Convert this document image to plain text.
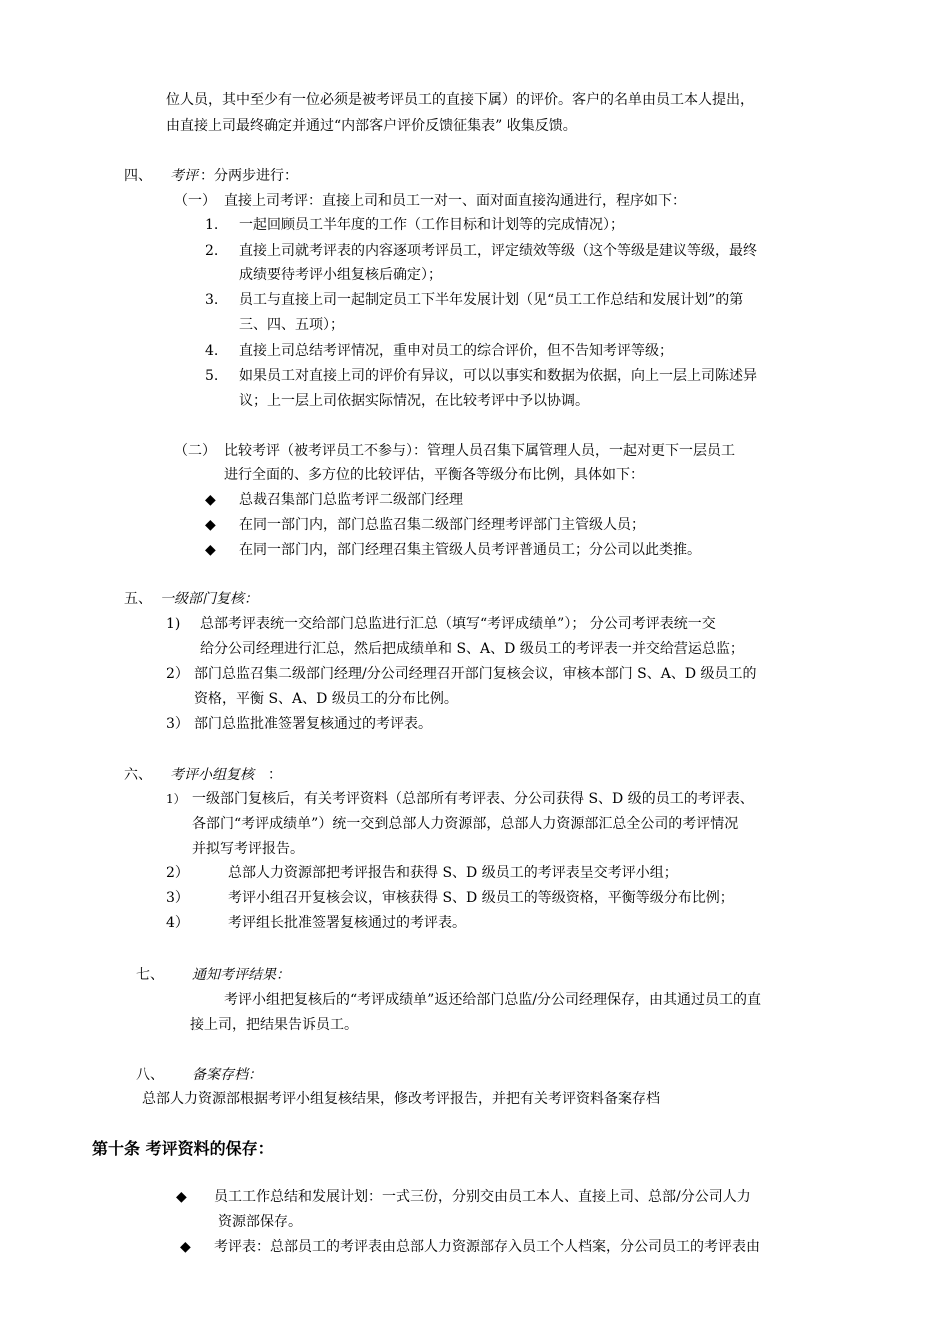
位人员，其中至少有一位必须是被考评员工的直接下属）的评价。客户的名单由员工本人提出，
由直接上司最终确定并通过“内部客户评价反馈征集表” 收集反馈。
四、 考评 ：分两步进行：
（一） 直接上司考评：直接上司和员工一对一、面对面直接沟通进行，程序如下：
1. 一起回顾员工半年度的工作（工作目标和计划等的完成情况）；
2. 直接上司就考评表的内容逐项考评员工，评定绩效等级（这个等级是建议等级，最终
成绩要待考评小组复核后确定）；
3. 员工与直接上司一起制定员工下半年发展计划（见“员工工作总结和发展计划”的第
三、四、五项）；
4. 直接上司总结考评情况，重申对员工的综合评价，但不告知考评等级；
5. 如果员工对直接上司的评价有异议，可以以事实和数据为依据，向上一层上司陈述异
议；上一层上司依据实际情况，在比较考评中予以协调。
（二） 比较考评（被考评员工不参与）：管理人员召集下属管理人员，一起对更下一层员工
进行全面的、多方位的比较评估，平衡各等级分布比例，具体如下：
◆ 总裁召集部门总监考评二级部门经理
◆ 在同一部门内，部门总监召集二级部门经理考评部门主管级人员；
◆ 在同一部门内，部门经理召集主管级人员考评普通员工；分公司以此类推。
五、 一级部门复核：
1) 总部考评表统一交给部门总监进行汇总（填写“考评成绩单”）； 分公司考评表统一交
给分公司经理进行汇总，然后把成绩单和 S、A、D 级员工的考评表一并交给营运总监；
2） 部门总监召集二级部门经理/分公司经理召开部门复核会议，审核本部门 S、A、D 级员工的
资格，平衡 S、A、D 级员工的分布比例。
3） 部门总监批准签署复核通过的考评表。
六、 考评小组复核 ：
1） 一级部门复核后，有关考评资料（总部所有考评表、分公司获得 S、D 级的员工的考评表、
各部门“考评成绩单”）统一交到总部人力资源部，总部人力资源部汇总全公司的考评情况
并拟写考评报告。
2）	总部人力资源部把考评报告和获得 S、D 级员工的考评表呈交考评小组；
3）	考评小组召开复核会议，审核获得 S、D 级员工的等级资格，平衡等级分布比例；
4）	考评组长批准签署复核通过的考评表。
七、 通知考评结果：
考评小组把复核后的“考评成绩单”返还给部门总监/分公司经理保存，由其通过员工的直
接上司，把结果告诉员工。
八、 备案存档：
总部人力资源部根据考评小组复核结果，修改考评报告，并把有关考评资料备案存档
第十条 考评资料的保存：
◆ 员工工作总结和发展计划：一式三份，分别交由员工本人、直接上司、总部/分公司人力
资源部保存。
◆ 考评表：总部员工的考评表由总部人力资源部存入员工个人档案，分公司员工的考评表由
